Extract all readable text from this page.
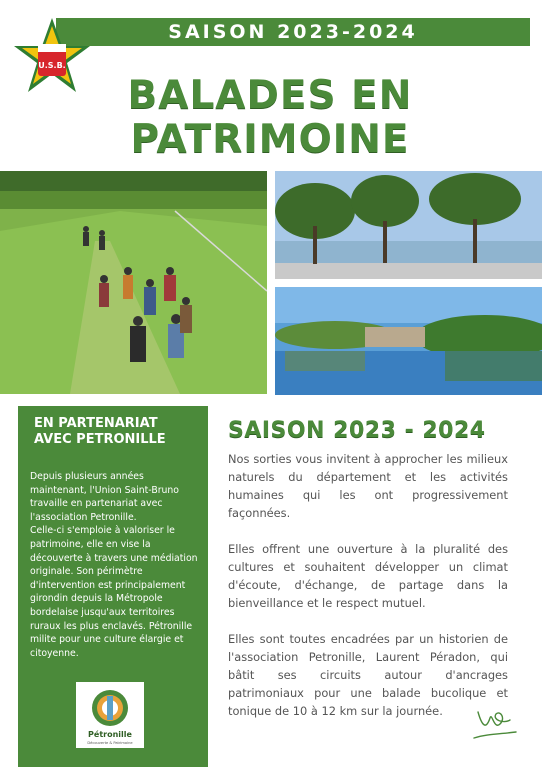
SAISON 2023-2024
U.S.B.
BALADES EN
PATRIMOINE
EN PARTENARIAT
AVEC PETRONILLE

Depuis plusieurs années maintenant, l'Union Saint-Bruno travaille en partenariat avec l'association Petronille.

Celle-ci s'emploie à valoriser le patrimoine, elle en vise la découverte à travers une médiation originale. Son périmètre d'intervention est principalement girondin depuis la Métropole bordelaise jusqu'aux territoires ruraux les plus enclavés. Pétronille milite pour une culture élargie et citoyenne.

Pétronille
Découverte & Patrimoine
SAISON 2023 - 2024

Nos sorties vous invitent à approcher les milieux naturels du département et les activités humaines qui les ont progressivement façonnées.

Elles offrent une ouverture à la pluralité des cultures et souhaitent développer un climat d'écoute, d'échange, de partage dans la bienveillance et le respect mutuel.

Elles sont toutes encadrées par un historien de l'association Petronille, Laurent Péradon, qui bâtit ses circuits autour d'ancrages patrimoniaux pour une balade bucolique et tonique de 10 à 12 km sur la journée.
